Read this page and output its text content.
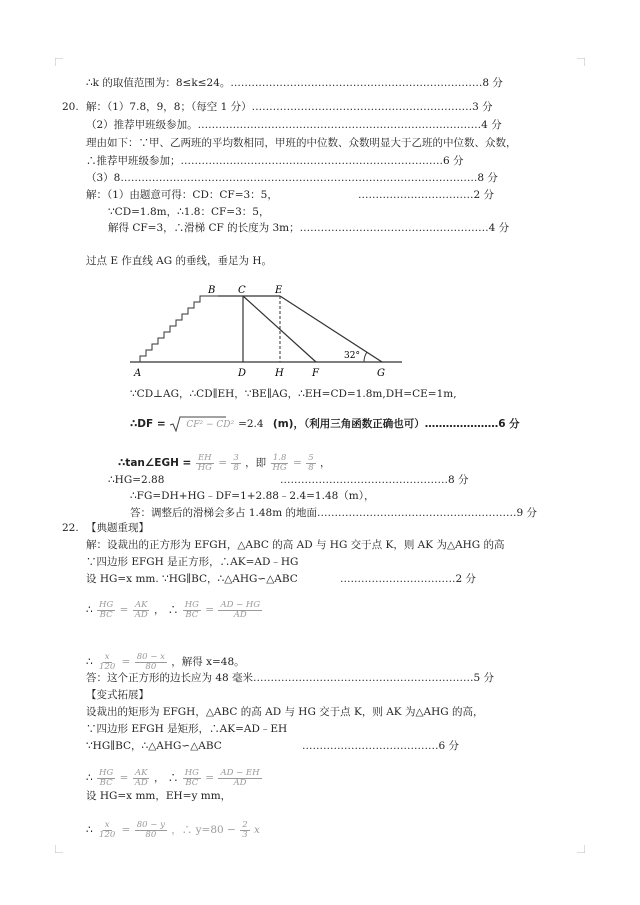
∴k 的取值范围为：8≤k≤24。………………………………………………………………8 分
20. 解：（1）7.8，9，8；（每空 1 分）………………………………………………………3 分
（2）推荐甲班级参加。………………………………………………………………………4 分
理由如下：∵甲、乙两班的平均数相同，甲班的中位数、众数明显大于乙班的中位数、众数，
∴推荐甲班级参加；…………………………………………………………………6 分
（3）8…………………………………………………………………………………………8 分
解：（1）由题意可得：CD：CF=3：5，	……………………………2 分
∵CD=1.8m，∴1.8：CF=3：5，
解得 CF=3，∴滑梯 CF 的长度为 3m；………………………………………………4 分
过点 E 作直线 AG 的垂线，垂足为 H。
A
B C	E
D	H	F	G
32°
∵CD⊥AG，∴CD∥EH，∵BE∥AG，∴EH=CD=1.8m,DH=CE=1m,
∴DF = CF² − CD² =2.4 (m)，（利用三角函数正确也可）…………………6 分
∴tan∠EGH = $\frac{EH}{HG} = \frac{3}{8}$ ，即 $\frac{1.8}{HG} = \frac{5}{8}$ ，
∴HG=2.88	…………………………………………8 分
∴FG=DH+HG﹣DF=1+2.88﹣2.4=1.48（m），
答：调整后的滑梯会多占 1.48m 的地面…………………………………………………9 分
22. 【典题重现】
解：设裁出的正方形为 EFGH，△ABC 的高 AD 与 HG 交于点 K，则 AK 为△AHG 的高
∵四边形 EFGH 是正方形，∴AK=AD﹣HG
设 HG=x mm. ∵HG∥BC，∴△AHG∽△ABC	……………………………2 分
∴ $\frac{HG}{BC} = \frac{AK}{AD}$ ， ∴ $\frac{HG}{BC} = \frac{AD - HG}{AD}$
∴ $\frac{x}{120} = \frac{80 - x}{80}$ ，解得 x=48。
答：这个正方形的边长应为 48 毫米………………………………………………………5 分
【变式拓展】
设裁出的矩形为 EFGH，△ABC 的高 AD 与 HG 交于点 K，则 AK 为△AHG 的高，
∵四边形 EFGH 是矩形，∴AK=AD﹣EH
∵HG∥BC，∴△AHG∽△ABC	…………………………………6 分
∴ $\frac{HG}{BC} = \frac{AK}{AD}$ ， ∴ $\frac{HG}{BC} = \frac{AD - EH}{AD}$
设 HG=x mm，EH=y mm，
∴ $\frac{x}{120} = \frac{80 - y}{80}$ ，∴ $y=80 - \frac{2}{3}$ x
